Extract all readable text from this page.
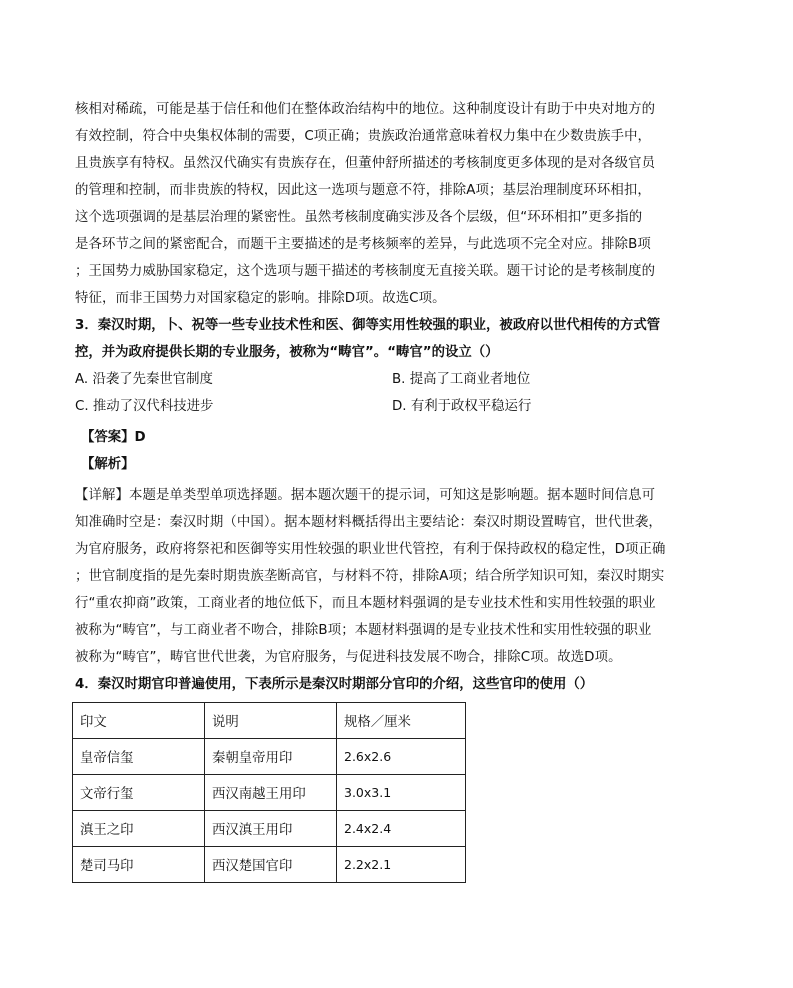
核相对稀疏，可能是基于信任和他们在整体政治结构中的地位。这种制度设计有助于中央对地方的
有效控制，符合中央集权体制的需要，C项正确；贵族政治通常意味着权力集中在少数贵族手中，
且贵族享有特权。虽然汉代确实有贵族存在，但董仲舒所描述的考核制度更多体现的是对各级官员
的管理和控制，而非贵族的特权，因此这一选项与题意不符，排除A项；基层治理制度环环相扣，
这个选项强调的是基层治理的紧密性。虽然考核制度确实涉及各个层级，但“环环相扣”更多指的
是各环节之间的紧密配合，而题干主要描述的是考核频率的差异，与此选项不完全对应。排除B项
；王国势力威胁国家稳定，这个选项与题干描述的考核制度无直接关联。题干讨论的是考核制度的
特征，而非王国势力对国家稳定的影响。排除D项。故选C项。
3．秦汉时期，卜、祝等一些专业技术性和医、御等实用性较强的职业，被政府以世代相传的方式管
控，并为政府提供长期的专业服务，被称为“畴官”。“畴官”的设立（）
A. 沿袭了先秦世官制度	B. 提高了工商业者地位
C. 推动了汉代科技进步	D. 有利于政权平稳运行
【答案】D
【解析】
【详解】本题是单类型单项选择题。据本题次题干的提示词，可知这是影响题。据本题时间信息可
知准确时空是：秦汉时期（中国）。据本题材料概括得出主要结论：秦汉时期设置畴官，世代世袭，
为官府服务，政府将祭祀和医御等实用性较强的职业世代管控，有利于保持政权的稳定性，D项正确
；世官制度指的是先秦时期贵族垄断高官，与材料不符，排除A项；结合所学知识可知，秦汉时期实
行“重农抑商”政策，工商业者的地位低下，而且本题材料强调的是专业技术性和实用性较强的职业
被称为“畴官”，与工商业者不吻合，排除B项；本题材料强调的是专业技术性和实用性较强的职业
被称为“畴官”，畴官世代世袭，为官府服务，与促进科技发展不吻合，排除C项。故选D项。
4．秦汉时期官印普遍使用，下表所示是秦汉时期部分官印的介绍，这些官印的使用（）
印文	说明	规格／厘米
皇帝信玺	秦朝皇帝用印	2.6x2.6
文帝行玺	西汉南越王用印	3.0x3.1
滇王之印	西汉滇王用印	2.4x2.4
楚司马印	西汉楚国官印	2.2x2.1
